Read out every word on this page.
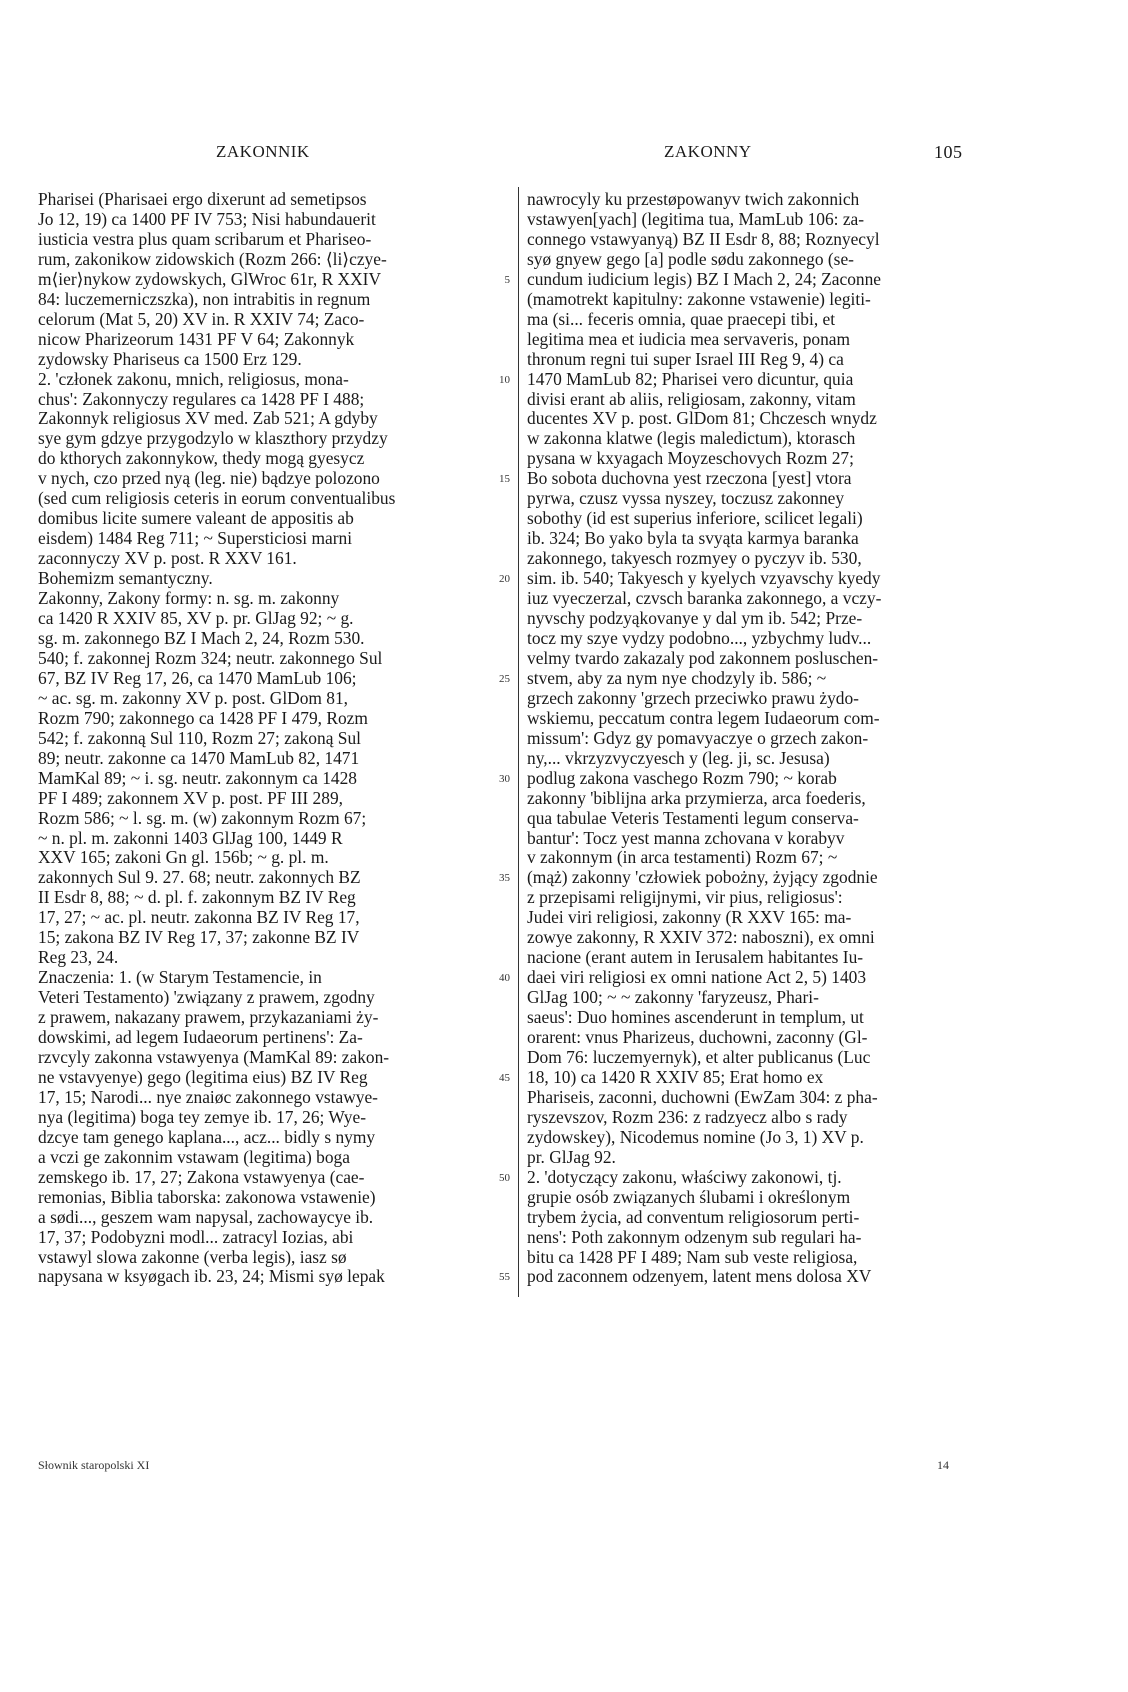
ZAKONNIK	ZAKONNY	105
Pharisei (Pharisaei ergo dixerunt ad semetipsos
Jo 12, 19) ca 1400 PF IV 753; Nisi habundauerit
iusticia vestra plus quam scribarum et Phariseo-
rum, zakonikow zidowskich (Rozm 266: ⟨li⟩czye-
m⟨ier⟩nykow zydowskych, GlWroc 61r, R XXIV
84: luczemerniczszka), non intrabitis in regnum
celorum (Mat 5, 20) XV in. R XXIV 74; Zaco-
nicow Pharizeorum 1431 PF V 64; Zakonnyk
zydowsky Phariseus ca 1500 Erz 129.
2. 'członek zakonu, mnich, religiosus, mona-
chus': Zakonnyczy regulares ca 1428 PF I 488;
Zakonnyk religiosus XV med. Zab 521; A gdyby
sye gym gdzye przygodzylo w klaszthory przydzy
do kthorych zakonnykow, thedy mogą gyesycz
v nych, czo przed nyą (leg. nie) bądzye polozono
(sed cum religiosis ceteris in eorum conventualibus
domibus licite sumere valeant de appositis ab
eisdem) 1484 Reg 711; ~ Supersticiosi marni
zaconnyczy XV p. post. R XXV 161.
Bohemizm semantyczny.
Zakonny, Zakony formy: n. sg. m. zakonny
ca 1420 R XXIV 85, XV p. pr. GlJag 92; ~ g.
sg. m. zakonnego BZ I Mach 2, 24, Rozm 530.
540; f. zakonnej Rozm 324; neutr. zakonnego Sul
67, BZ IV Reg 17, 26, ca 1470 MamLub 106;
~ ac. sg. m. zakonny XV p. post. GlDom 81,
Rozm 790; zakonnego ca 1428 PF I 479, Rozm
542; f. zakonną Sul 110, Rozm 27; zakoną Sul
89; neutr. zakonne ca 1470 MamLub 82, 1471
MamKal 89; ~ i. sg. neutr. zakonnym ca 1428
PF I 489; zakonnem XV p. post. PF III 289,
Rozm 586; ~ l. sg. m. (w) zakonnym Rozm 67;
~ n. pl. m. zakonni 1403 GlJag 100, 1449 R
XXV 165; zakoni Gn gl. 156b; ~ g. pl. m.
zakonnych Sul 9. 27. 68; neutr. zakonnych BZ
II Esdr 8, 88; ~ d. pl. f. zakonnym BZ IV Reg
17, 27; ~ ac. pl. neutr. zakonna BZ IV Reg 17,
15; zakona BZ IV Reg 17, 37; zakonne BZ IV
Reg 23, 24.
Znaczenia: 1. (w Starym Testamencie, in
Veteri Testamento) 'związany z prawem, zgodny
z prawem, nakazany prawem, przykazaniami ży-
dowskimi, ad legem Iudaeorum pertinens': Za-
rzvcyly zakonna vstawyenya (MamKal 89: zakon-
ne vstavyenye) gego (legitima eius) BZ IV Reg
17, 15; Narodi... nye znaiøc zakonnego vstawye-
nya (legitima) boga tey zemye ib. 17, 26; Wye-
dzcye tam genego kaplana..., acz... bidly s nymy
a vczi ge zakonnim vstawam (legitima) boga
zemskego ib. 17, 27; Zakona vstawyenya (cae-
remonias, Biblia taborska: zakonowa vstawenie)
a sødi..., geszem wam napysal, zachowaycye ib.
17, 37; Podobyzni modl... zatracyl Iozias, abi
vstawyl slowa zakonne (verba legis), iasz sø
napysana w ksyøgach ib. 23, 24; Mismi syø lepak
5
10
15
20
25
30
35
40
45
50
55
nawrocyly ku przestøpowanyv twich zakonnich
vstawyen[yach] (legitima tua, MamLub 106: za-
connego vstawyanyą) BZ II Esdr 8, 88; Roznyecyl
syø gnyew gego [a] podle sødu zakonnego (se-
cundum iudicium legis) BZ I Mach 2, 24; Zaconne
(mamotrekt kapitulny: zakonne vstawenie) legiti-
ma (si... feceris omnia, quae praecepi tibi, et
legitima mea et iudicia mea servaveris, ponam
thronum regni tui super Israel III Reg 9, 4) ca
1470 MamLub 82; Pharisei vero dicuntur, quia
divisi erant ab aliis, religiosam, zakonny, vitam
ducentes XV p. post. GlDom 81; Chczesch wnydz
w zakonna klatwe (legis maledictum), ktorasch
pysana w kxyagach Moyzeschovych Rozm 27;
Bo sobota duchovna yest rzeczona [yest] vtora
pyrwa, czusz vyssa nyszey, toczusz zakonney
sobothy (id est superius inferiore, scilicet legali)
ib. 324; Bo yako byla ta svyąta karmya baranka
zakonnego, takyesch rozmyey o pyczyv ib. 530,
sim. ib. 540; Takyesch y kyelych vzyavschy kyedy
iuz vyeczerzal, czvsch baranka zakonnego, a vczy-
nyvschy podzyąkovanye y dal ym ib. 542; Prze-
tocz my szye vydzy podobno..., yzbychmy ludv...
velmy tvardo zakazaly pod zakonnem posluschen-
stvem, aby za nym nye chodzyly ib. 586; ~
grzech zakonny 'grzech przeciwko prawu żydo-
wskiemu, peccatum contra legem Iudaeorum com-
missum': Gdyz gy pomavyaczye o grzech zakon-
ny,... vkrzyzvyczyesch y (leg. ji, sc. Jesusa)
podlug zakona vaschego Rozm 790; ~ korab
zakonny 'biblijna arka przymierza, arca foederis,
qua tabulae Veteris Testamenti legum conserva-
bantur': Tocz yest manna zchovana v korabyv
v zakonnym (in arca testamenti) Rozm 67; ~
(mąż) zakonny 'człowiek pobożny, żyjący zgodnie
z przepisami religijnymi, vir pius, religiosus':
Judei viri religiosi, zakonny (R XXV 165: ma-
zowye zakonny, R XXIV 372: naboszni), ex omni
nacione (erant autem in Ierusalem habitantes Iu-
daei viri religiosi ex omni natione Act 2, 5) 1403
GlJag 100; ~ ~ zakonny 'faryzeusz, Phari-
saeus': Duo homines ascenderunt in templum, ut
orarent: vnus Pharizeus, duchowni, zaconny (Gl-
Dom 76: luczemyernyk), et alter publicanus (Luc
18, 10) ca 1420 R XXIV 85; Erat homo ex
Phariseis, zaconni, duchowni (EwZam 304: z pha-
ryszevszov, Rozm 236: z radzyecz albo s rady
zydowskey), Nicodemus nomine (Jo 3, 1) XV p.
pr. GlJag 92.
2. 'dotyczący zakonu, właściwy zakonowi, tj.
grupie osób związanych ślubami i określonym
trybem życia, ad conventum religiosorum perti-
nens': Poth zakonnym odzenym sub regulari ha-
bitu ca 1428 PF I 489; Nam sub veste religiosa,
pod zaconnem odzenyem, latent mens dolosa XV
Słownik staropolski XI	14
